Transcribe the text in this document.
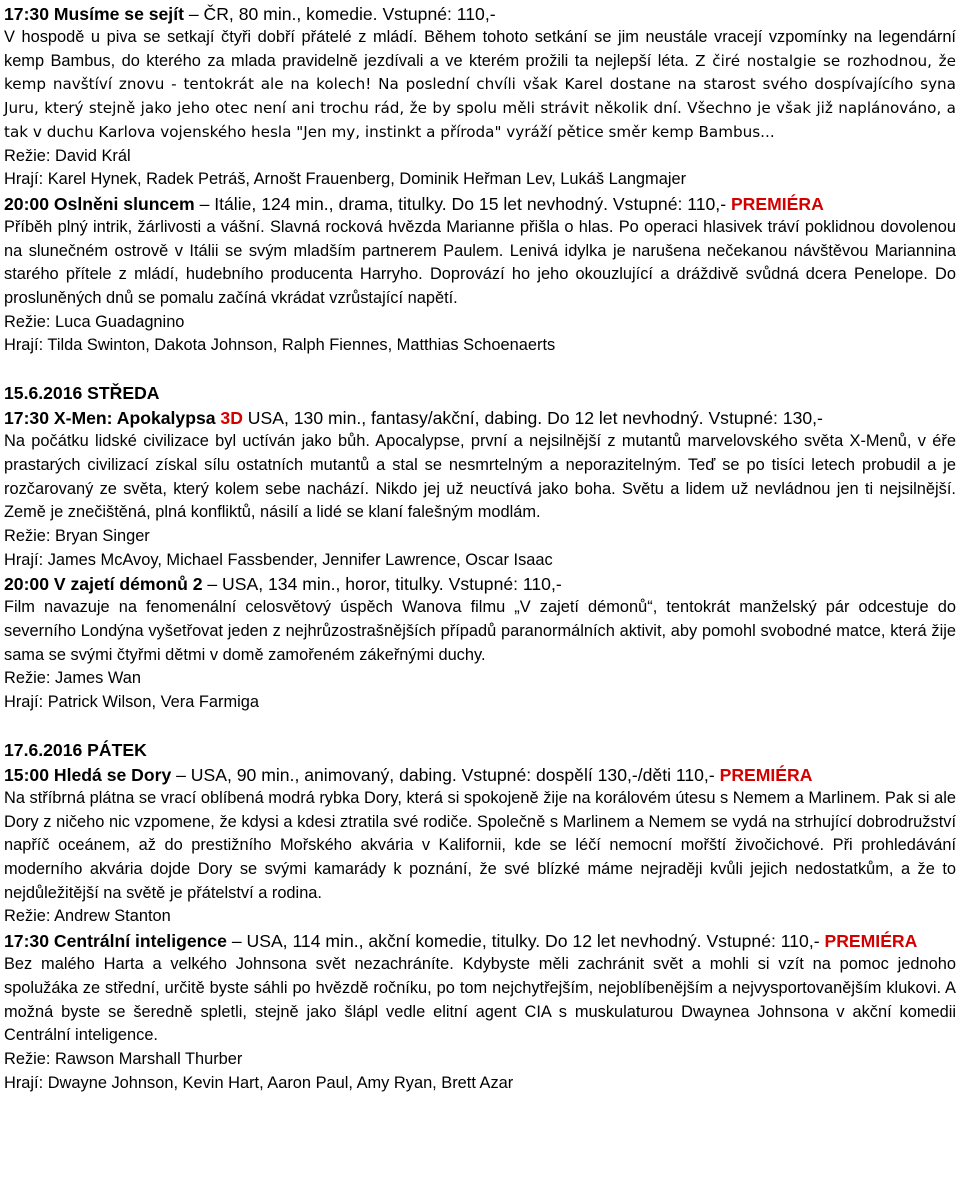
17:30 Musíme se sejít – ČR, 80 min., komedie. Vstupné: 110,-

V hospodě u piva se setkají čtyři dobří přátelé z mládí. Během tohoto setkání se jim neustále vracejí vzpomínky na legendární kemp Bambus, do kterého za mlada pravidelně jezdívali a ve kterém prožili ta nejlepší léta. Z čiré nostalgie se rozhodnou, že kemp navštíví znovu - tentokrát ale na kolech! Na poslední chvíli však Karel dostane na starost svého dospívajícího syna Juru, který stejně jako jeho otec není ani trochu rád, že by spolu měli strávit několik dní. Všechno je však již naplánováno, a tak v duchu Karlova vojenského hesla "Jen my, instinkt a příroda" vyráží pětice směr kemp Bambus...

Režie: David Král

Hrají: Karel Hynek, Radek Petráš, Arnošt Frauenberg, Dominik Heřman Lev, Lukáš Langmajer

20:00 Oslněni sluncem – Itálie, 124 min., drama, titulky. Do 15 let nevhodný. Vstupné: 110,- PREMIÉRA

Příběh plný intrik, žárlivosti a vášní. Slavná rocková hvězda Marianne přišla o hlas. Po operaci hlasivek tráví poklidnou dovolenou na slunečném ostrově v Itálii se svým mladším partnerem Paulem. Lenivá idylka je narušena nečekanou návštěvou Mariannina starého přítele z mládí, hudebního producenta Harryho. Doprovází ho jeho okouzlující a dráždivě svůdná dcera Penelope. Do prosluněných dnů se pomalu začíná vkrádat vzrůstající napětí.

Režie: Luca Guadagnino

Hrají: Tilda Swinton, Dakota Johnson, Ralph Fiennes, Matthias Schoenaerts

15.6.2016 STŘEDA

17:30 X-Men: Apokalypsa 3D USA, 130 min., fantasy/akční, dabing. Do 12 let nevhodný. Vstupné: 130,-

Na počátku lidské civilizace byl uctíván jako bůh. Apocalypse, první a nejsilnější z mutantů marvelovského světa X-Menů, v éře prastarých civilizací získal sílu ostatních mutantů a stal se nesmrtelným a neporazitelným. Teď se po tisíci letech probudil a je rozčarovaný ze světa, který kolem sebe nachází. Nikdo jej už neuctívá jako boha. Světu a lidem už nevládnou jen ti nejsilnější. Země je znečištěná, plná konfliktů, násilí a lidé se klaní falešným modlám.

Režie: Bryan Singer

Hrají: James McAvoy, Michael Fassbender, Jennifer Lawrence, Oscar Isaac

20:00 V zajetí démonů 2 – USA, 134 min., horor, titulky. Vstupné: 110,-

Film navazuje na fenomenální celosvětový úspěch Wanova filmu „V zajetí démonů“, tentokrát manželský pár odcestuje do severního Londýna vyšetřovat jeden z nejhrůzostrašnějších případů paranormálních aktivit, aby pomohl svobodné matce, která žije sama se svými čtyřmi dětmi v domě zamořeném zákeřnými duchy.

Režie: James Wan

Hrají: Patrick Wilson, Vera Farmiga

17.6.2016 PÁTEK

15:00 Hledá se Dory – USA, 90 min., animovaný, dabing. Vstupné: dospělí 130,-/děti 110,- PREMIÉRA

Na stříbrná plátna se vrací oblíbená modrá rybka Dory, která si spokojeně žije na korálovém útesu s Nemem a Marlinem. Pak si ale Dory z ničeho nic vzpomene, že kdysi a kdesi ztratila své rodiče. Společně s Marlinem a Nemem se vydá na strhující dobrodružství napříč oceánem, až do prestižního Mořského akvária v Kalifornii, kde se léčí nemocní mořští živočichové. Při prohledávání moderního akvária dojde Dory se svými kamarády k poznání, že své blízké máme nejraději kvůli jejich nedostatkům, a že to nejdůležitější na světě je přátelství a rodina.

Režie: Andrew Stanton

17:30 Centrální inteligence – USA, 114 min., akční komedie, titulky. Do 12 let nevhodný. Vstupné: 110,- PREMIÉRA

Bez malého Harta a velkého Johnsona svět nezachráníte. Kdybyste měli zachránit svět a mohli si vzít na pomoc jednoho spolužáka ze střední, určitě byste sáhli po hvězdě ročníku, po tom nejchytřejším, nejoblíbenějším a nejvysportovanějším klukovi. A možná byste se šeredně spletli, stejně jako šlápl vedle elitní agent CIA s muskulaturou Dwaynea Johnsona v akční komedii Centrální inteligence.

Režie: Rawson Marshall Thurber

Hrají: Dwayne Johnson, Kevin Hart, Aaron Paul, Amy Ryan, Brett Azar
